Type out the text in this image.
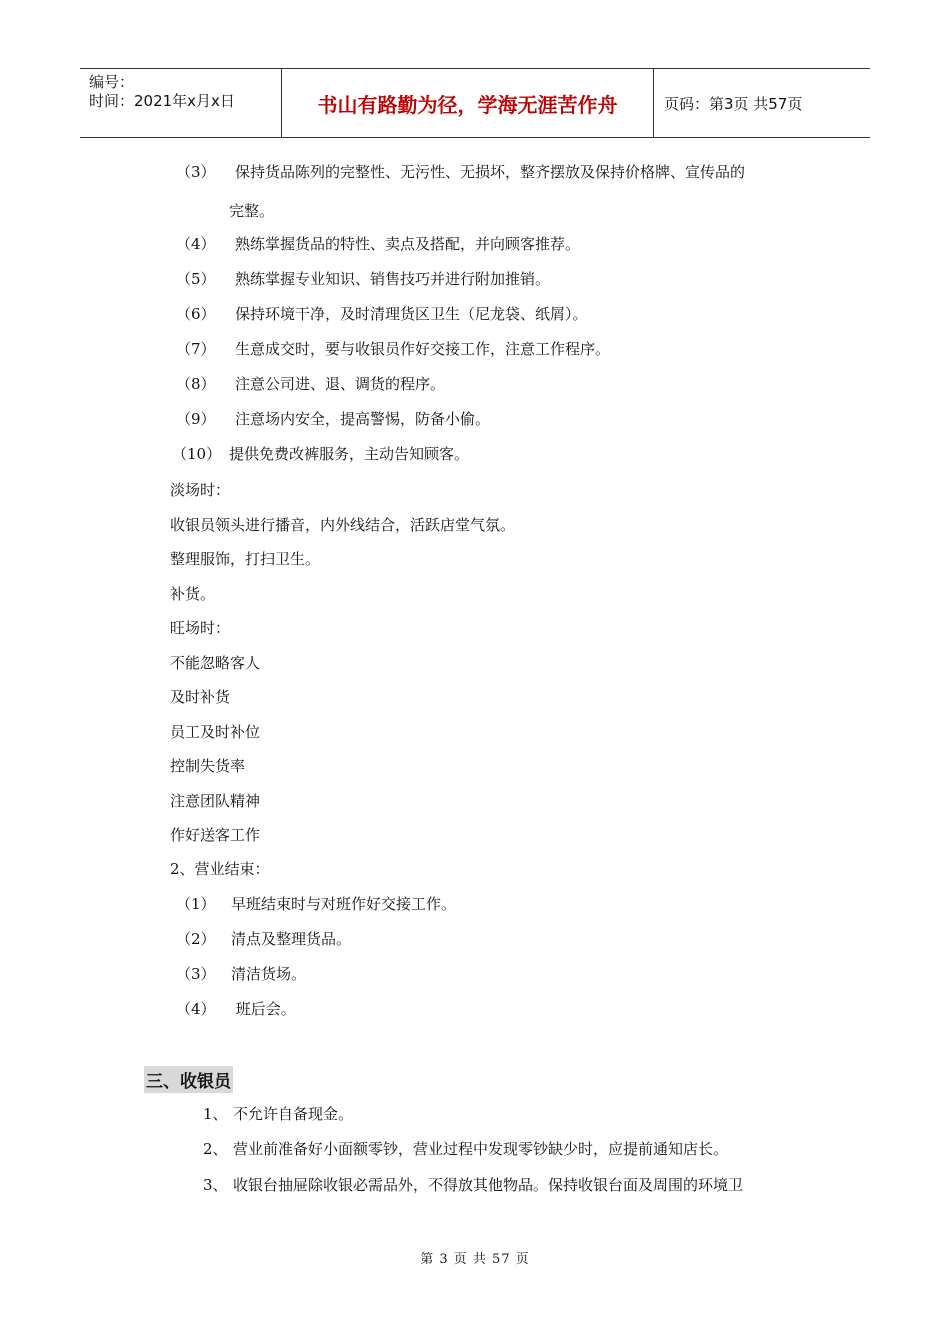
编号：
时间：2021年x月x日	书山有路勤为径，学海无涯苦作舟	页码：第3页 共57页
（3） 保持货品陈列的完整性、无污性、无损坏，整齐摆放及保持价格牌、宣传品的
完整。
（4） 熟练掌握货品的特性、卖点及搭配，并向顾客推荐。
（5） 熟练掌握专业知识、销售技巧并进行附加推销。
（6） 保持环境干净，及时清理货区卫生（尼龙袋、纸屑）。
（7） 生意成交时，要与收银员作好交接工作，注意工作程序。
（8） 注意公司进、退、调货的程序。
（9） 注意场内安全，提高警惕，防备小偷。
（10） 提供免费改裤服务，主动告知顾客。
淡场时：
收银员领头进行播音，内外线结合，活跃店堂气氛。
整理服饰，打扫卫生。
补货。
旺场时：
不能忽略客人
及时补货
员工及时补位
控制失货率
注意团队精神
作好送客工作
2、营业结束：
（1） 早班结束时与对班作好交接工作。
（2） 清点及整理货品。
（3） 清洁货场。
（4） 班后会。
三、收银员
1、 不允许自备现金。
2、 营业前准备好小面额零钞，营业过程中发现零钞缺少时，应提前通知店长。
3、 收银台抽屉除收银必需品外，不得放其他物品。保持收银台面及周围的环境卫
第 3 页 共 57 页
